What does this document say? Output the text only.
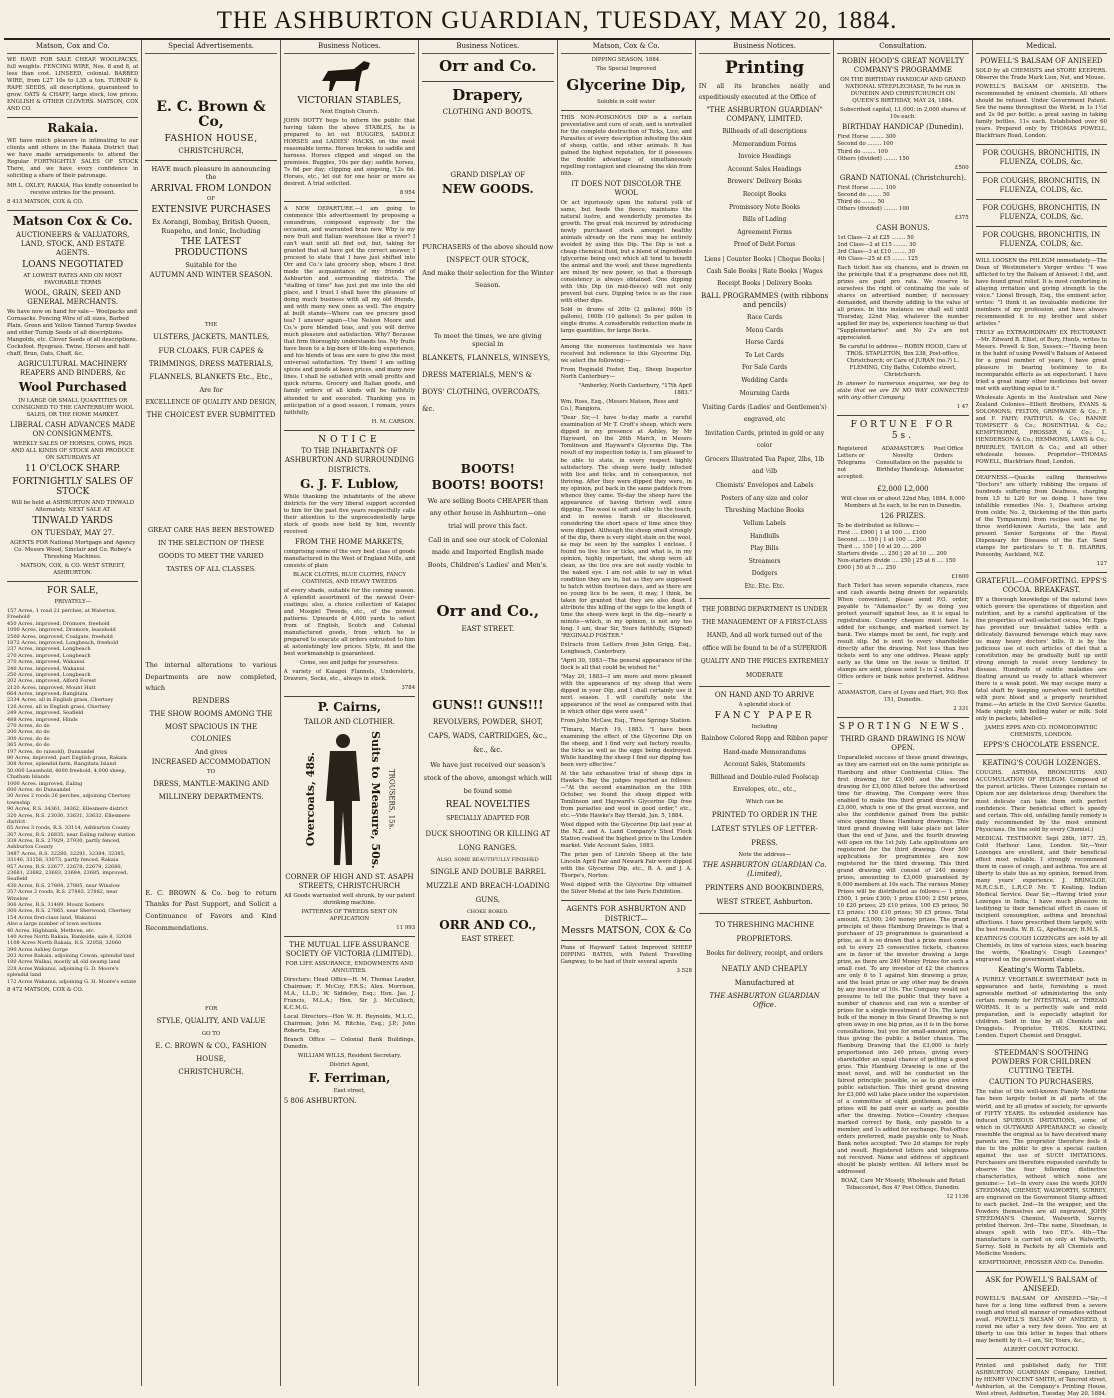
THE ASHBURTON GUARDIAN, TUESDAY, MAY 20, 1884.
Matson, Cox and Co.

WE HAVE FOR SALE CHEAP. WOOLPACKS, full weights. FENCING WIRE, Nos. 8 and 8, at less than cost. LINSEED, colonial. BARBED WIRE, from L27 10s to L35 a ton. TURNIP & RAPE SEEDS, all descriptions, guaranteed to grow. OATS & CHAFF, large stock, low prices. ENGLISH & OTHER CLOVERS. MATSON, COX AND CO.

Rakaia.

WE have much pleasure in intimating to our clients and others in the Rakaia District that we have made arrangements to attend the Regular FORTNIGHTLY SALES OF STOCK There, and we have every confidence in soliciting a share of their patronage.

MR L. OXLEY, RAKAIA, Has kindly consented to receive entries for the present.

8 413 MATSON, COX & CO.

Matson Cox & Co.
AUCTIONEERS & VALUATORS, LAND, STOCK, AND ESTATE AGENTS.
LOANS NEGOTIATED
AT LOWEST RATES AND ON MOST FAVORABLE TERMS
WOOL, GRAIN, SEED AND GENERAL MERCHANTS.

We have now on hand for sale— Woolpacks and Cornsacks. Fencing Wire of all sizes, Barbed Plain. Green and Yellow Tanned Turnip Swedes and other Turnip Seeds of all descriptions. Mangolds, etc. Clover Seeds of all descriptions. Cocksfoot. Ryegrass. Twine, Horses and half-chaff, Bran, Oats, Chaff, &c.

AGRICULTURAL MACHINERY REAPERS AND BINDERS, &c
Wool Purchased
IN LARGE OR SMALL QUANTITIES OR CONSIGNED TO THE CANTERBURY WOOL SALES, OR THE HOME MARKET.
LIBERAL CASH ADVANCES MADE ON CONSIGNMENTS.
WEEKLY SALES OF HORSES, COWS, PIGS AND ALL KINDS OF STOCK AND PRODUCE ON SATURDAYS AT
11 O'CLOCK SHARP.
FORTNIGHTLY SALES OF STOCK
Will be held at ASHBURTON AND TINWALD Alternately. NEXT SALE AT
TINWALD YARDS
ON TUESDAY, MAY 27.

AGENTS FOR National Mortgage and Agency Co. Messrs Wood, Sinclair and Co. Robey's Threshing Machines.

MATSON, COX, & CO. WEST STREET, ASHBURTON.

FOR SALE,
PRIVATELY—

157 Acres, 1 road 21 perches, at Waterton, Freehold
450 Acres, improved, Dromore, freehold
1000 Acres, improved, Dromore, leasehold
2500 Acres, improved, Coalgate, freehold
1872 Acres, improved, Longbeach, freehold
237 Acres, improved, Longbeach
270 Acres, improved, Longbeach
370 Acres, improved, Wakanui
240 Acres, improved, Wakanui
250 Acres, improved, Longbeach
202 Acres, improved, Alford Forest
2120 Acres, improved, Mount Hutt
664 Acres, improved, Rangitata
2334 Acres, all in English grass, Chertsey
126 Acres, all in English grass, Chertsey
249 Acres, improved, Seafield
488 Acres, improved, Hinds
270 Acres, do do
200 Acres, do do
300 Acres, do do
365 Acres, do do
197 Acres, do (unsold), Dunsandel
80 Acres, improved, part English grass, Rakaia
308 Acres, splendid farm, Rangitata Island
50,000 Leasehold, 4000 freehold, 4,000 sheep, Chatham Islands
1000 Acres, improved, Ealing
600 Acres, do Dunsandel
30 Acres 2 roods 26 perches, adjoining Chertsey township
90 Acres, R.S. 34361, 34362, Ellesmere district
320 Acres, R.S. 23030, 33631, 33632, Ellesmere district
65 Acres 3 roods, R.S. 33114, Ashburton County
307 Acres, R.S. 26835, near Ealing railway station
338 Acres, R.S. 27929, 27930, partly fenced, Ashburton County
3487 Acres, R.S. 32280, 32291, 32384, 32385, 33146, 33158, 33073, partly fenced, Rakaia
957 Acres, R.S. 22677, 22678, 22679, 22680, 23681, 23682, 23683, 23684, 23685, improved, Seafield
430 Acres, R.S. 27884, 27885, near Winslow
357 Acres 2 roods, R.S. 27883, 27882, near Winslow
306 Acres, R.S. 31489, Mount Somers
300 Acres, R.S. 27865, near Sherwood, Chertsey
154 Acres first-class land, Wakanui
Also a large number of town sections
40 Acres, Highbank, Methven, etc.
140 Acres North Rakaia, Bankside, sale 8, 32036
1108 Acres North Rakaia, R.S. 32058, 32060
390 Acres Ashley Gorge
203 Acres Rakaia, adjoining Cowan, splendid land
180 Acres Walkai, mostly all old swamp land
228 Acres Wakanui, adjoining G. D. Moore's splendid land
172 Acres Wakanui, adjoining G. H. Moore's estate

8 472 MATSON, COX & CO.

Special Advertisements.
E. C. Brown & Co,
FASHION HOUSE,
CHRISTCHURCH,

HAVE much pleasure in announcing the

ARRIVAL FROM LONDON
OF
EXTENSIVE PURCHASES

Ex Aorangi, Bombay, British Queen, Ruapehu, and Ionic, Including

THE LATEST PRODUCTIONS
Suitable for the
AUTUMN AND WINTER SEASON.
THE

ULSTERS, JACKETS, MANTLES, FUR CLOAKS, FUR CAPES & TRIMMINGS, DRESS MATERIALS, FLANNELS, BLANKETS Etc., Etc.,

Are for

EXCELLENCE OF QUALITY AND DESIGN,

THE CHOICEST EVER SUBMITTED

GREAT CARE HAS BEEN BESTOWED IN THE SELECTION OF THESE GOODS TO MEET THE VARIED TASTES OF ALL CLASSES.

The internal alterations to various Departments are now completed, which

RENDERS

THE SHOW ROOMS AMONG THE MOST SPACIOUS IN THE COLONIES

And gives
INCREASED ACCOMMODATION
TO

DRESS, MANTLE-MAKING AND MILLINERY DEPARTMENTS.

E. C. BROWN & Co. beg to return Thanks for Past Support, and Solicit a Continuance of Favors and Kind Recommendations.

FOR

STYLE, QUALITY, AND VALUE

GO TO

E. C. BROWN & CO., FASHION HOUSE,

CHRISTCHURCH.
Business Notices.
VICTORIAN STABLES,
Next English Church.

JOHN DOTTY begs to inform the public that having taken the above STABLES, he is prepared to let out BUGGIES, SADDLE HORSES and LADIES' HACKS, on the most reasonable terms. Horses broken to saddle and harness. Horses clipped and singed on the premises. Buggies, 10s per day; saddle horses, 7s 6d per day; clipping and singeing, 12s 6d. Horses, etc., let out for one hour or more as desired. A trial solicited.

8 954

A NEW DEPARTURE.—I am going to commence this advertisement by proposing a conundrum, composed expressly for the occasion, and warranted bran new. Why is my new fruit and Italian warehouse like a river? I can't wait until all find out, but, taking for granted that all have got the correct answer, I proceed to state that I have just shifted into Orr and Co.'s late grocery shop, where I first made the acquaintance of my friends of Ashburton and surrounding districts. The "stalling of time" has just put me into the old place, and I trust I shall have the pleasure of doing much business with all my old friends, and with many new ones as well. The enquiry at built stands—Where can we procure good tea? I answer again—Use Nelson Moore and Co.'s pure blended teas, and you will derive much pleasure and satisfaction. Why? Because that firm thoroughly understands tea. My fruits have been to a big-bore of life-long experience, and his blends of teas are sure to give the most universal satisfaction. Try them! I am selling spices and goods at keen prices, and many new lines. I shall be satisfied with small profits and quick returns. Grocery and Italian goods, and family orders of all kinds will be faithfully attended to and executed. Thanking you in anticipation of a good season, I remain, yours faithfully,

H. M. CARSON.

NOTICE
TO THE INHABITANTS OF ASHBURTON AND SURROUNDING DISTRICTS.
G. J. F. Lublow,

While thanking the inhabitants of the above districts for the very liberal support accorded to him for the past five years respectfully calls their attention to the unprecedentedly large stock of goods now held by him, recently received

FROM THE HOME MARKETS,

comprising some of the very best class of goods manufactured in the West of England Mills, and consists of plain

BLACK CLOTHS, BLUE CLOTHS, FANCY COATINGS, AND HEAVY TWEEDS

of every shade, suitable for the coming season. A splendid assortment of the newest Over-coatings; also, a choice collection of Kaiapoi and Mosgiel Tweeds, etc., of the newest patterns. Upwards of 4,000 yards to select from of English, Scotch and Colonial manufactured goods, from which he is prepared to execute all orders entrusted to him at astonishingly low prices. Style, fit and the best workmanship is guaranteed.

Come, see and judge for yourselves.

A variety of Kaiapoi Flannels, Undershirts, Drawers, Socks, etc., always in stock.

3784

P. Cairns,
TAILOR AND CLOTHIER.
Overcoats, 48s.	Suits to Measure, 50s. TROUSERS, 15s.

CORNER OF HIGH AND ST. ASAPH STREETS, CHRISTCHURCH

All Goods warranted well shrunk, by our patent shrinking machine.

PATTERNS OF TWEEDS SENT ON APPLICATION

11 993

THE MUTUAL LIFE ASSURANCE SOCIETY OF VICTORIA (LIMITED).

FOR LIFE ASSURANCE, ENDOWMENTS AND ANNUITIES.

Directors: Head Office—H. M. Thomas Leader, Chairman; F. McCoy, F.R.S.; Alex. Morrison, M.A., LL.D.; W. Siddeley, Esq.; Hon. Jas. J. Francis, M.L.A.; Hon. Sir J. McCulloch, K.C.M.G.

Local Directors—Hon W. H. Reynolds, M.L.C., Chairman; John M. Ritchie, Esq.; J.P.; John Roberts, Esq.

Branch Office — Colonial Bank Buildings, Dunedin.

WILLIAM WILLS, Resident Secretary.

District Agent,

F. Ferriman,

East street,

5 806 ASHBURTON.

Business Notices.
Orr and Co.
Drapery,
CLOTHING AND BOOTS.
GRAND DISPLAY OF
NEW GOODS.

PURCHASERS of the above should now

INSPECT OUR STOCK,

And make their selection for the Winter Season.

To meet the times, we are giving special in

BLANKETS, FLANNELS, WINSEYS, DRESS MATERIALS, MEN'S & BOYS' CLOTHING, OVERCOATS, &c.

BOOTS!
BOOTS! BOOTS!

We are selling Boots CHEAPER than any other house in Ashburton—one trial will prove this fact.

Call in and see our stock of Colonial made and Imported English made Boots, Children's Ladies' and Men's.

Orr and Co.,
EAST STREET.
GUNS!! GUNS!!!

REVOLVERS, POWDER, SHOT, CAPS, WADS, CARTRIDGES, &c., &c., &c.

We have just received our season's stock of the above, amongst which will be found some

REAL NOVELTIES

SPECIALLY ADAPTED FOR

DUCK SHOOTING OR KILLING AT LONG RANGES.

ALSO, SOME BEAUTIFULLY FINISHED

SINGLE AND DOUBLE BARREL MUZZLE AND BREACH-LOADING GUNS,

CHOKE BORED.
ORR AND CO.,
EAST STREET.
Matson, Cox & Co.

DIPPING SEASON, 1884.

The Special Improved

Glycerine Dip,

Soluble in cold water

THIS NON-POISONOUS DIP is a certain preventative and cure of scab, and is unrivalled for the complete destruction of Ticks, Lice, and Parasites of every description infesting the skin of sheep, cattle, and other animals. It has gained the highest reputation, for it possesses the double advantage of simultaneously repelling contagion and cleansing the skin from filth.

IT DOES NOT DISCOLOR THE WOOL

Or act injuriously upon the natural yolk of same, but feeds the fleece, maintains the natural lustre, and wonderfully promotes its growth. The great risk incurred by introducing newly purchased stock amongst healthy animals already on the runs may be entirely avoided by using this Dip. The Dip is not a cheap chemical fluid, but a blend of ingredients (glycerine being one) which all tend to benefit the animal and the wool; and these ingredients are mixed by new power, so that a thorough consistency is always obtained. One dipping with this Dip (in mid-fleece) will not only prevent but cure. Dipping twice is as the case with other dips.

Sold in drums of 20lb (2 gallons) 80lb (5 gallons), 160lb (10 gallons); 5s per gallon in single drums. A considerable reduction made in large quantities, for large flocks.

Among the numerous testimonials we have received but reference to this Glycerine Dip, we select the following:—

From Reginald Foster, Esq., Sheep Inspector North Canterbury—

"Amberley, North Canterbury, "17th April 1883."

Wm. Ross, Esq., (Messrs Matson, Ross and Co.), Rangiora.

"Dear Sir,—I have to-day made a careful examination of Mr T. Croft's sheep, which were dipped in my presence at Ashley, by Mr Hayward, on the 26th March, in Messrs Tomlinson and Hayward's Glycerine Dip. The result of my inspection today is, I am pleased to be able to state, in every respect highly satisfactory. The sheep were badly infected with lice and ticks, and in consequence, not thriving. After they were dipped they were, in my opinion, put back in the same paddock from whence they came. To-day the sheep have the appearance of having thriven well since dipping. The wool is soft and silky to the touch, and in nowise harsh or discoloured, considering the short space of time since they were dipped. Although the sheep smell strongly of the dip, there is very slight stain on the wool, as may be seen by the samples I enclose. I found no live lice or ticks, and what is, in my opinion, highly important, the sheep were all clean, as the lice ova are not easily visible to the naked eye. I am not able to say in what condition they are in, but as they are supposed to hatch within fourteen days, and as there are no young lice to be seen, it may, I think, be taken for granted that they are also dead. I attribute this killing of the eggs to the length of time the sheep were kept in the dip—nearly a minute—which, in my opinion, is not any too long. I am, dear Sir, Yours faithfully, (Signed) "REGINALD FOSTER."

Extracts from Letters from John Grigg, Esq., Longbeach, Canterbury.

"April 30, 1883—The general appearance of the flock is all that could be wished for."

"May 20, 1883—I am more and more pleased with the appearance of my sheep that were dipped in your Dip, and I shall certainly use it next season. I will carefully note the appearance of the wool as compared with that in which other dips were used."

From John McCaw, Esq., Three Springs Station.

"Timaru, March 19, 1883. "I have been examining the effect of the Glycerine Dip on the sheep, and I find very sad factory results, the ticks as well as the eggs being destroyed. While handling the sheep I find our dipping has been very effective."

At the late exhaustive trial of sheep dips in Hawke's Bay the judges reported as follows:—"At the second examination on the 18th October, we found the sheep dipped with Tomlinson and Hayward's Glycerine Dip free from parasites and wool in good order," etc., etc.—Vide Hawke's Bay Herald, Jan. 5, 1884.

Wool dipped with the Glycerine Dip last year at the N.Z. and A. Land Company's Steel Flock Station realised the highest price in the London market. Vide Account Sales, 1883.

The prize pen of Lincoln Sheep at the late Lincoln April Fair and Newark Fair were dipped with the Glycerine Dip, etc., B. A. and J. A. Thorpe's, Norton.

Wool dipped with the Glycerine Dip obtained the Silver Medal at the late Paris Exhibition.

AGENTS FOR ASHBURTON AND DISTRICT—

Messrs MATSON, COX & Co

Plans of Hayward' Latest Improved SHEEP DIPPING BATHS, with Patent Travelling Gangway, to be had of their several agents

3 528

Business Notices.
Printing

IN all its branches neatly and expeditiously executed at the Office of

"THE ASHBURTON GUARDIAN" COMPANY, LIMITED.

Billheads of all descriptions
Memorandum Forms
Invoice Headings
Account Sales Headings
Brewers' Delivery Books
Receipt Books
Promissory Note Books
Bills of Lading
Agreement Forms
Proof of Debt Forms

Liens | Counter Books | Cheque Books | Cash Sale Books | Rate Books | Wages Receipt Books | Delivery Books

BALL PROGRAMMES (with ribbons and pencils)

Race Cards
Menu Cards
Horse Cards
To Let Cards
For Sale Cards
Wedding Cards
Mourning Cards

Visiting Cards (Ladies' and Gentlemen's) engraved, etc

Invitation Cards, printed in gold or any color

Grocers Illustrated Tea Paper, 2lbs, 1lb and ½lb

Chemists' Envelopes and Labels
Posters of any size and color
Threshing Machine Books
Vellum Labels
Handbills
Play Bills
Streamers
Dodgers
Etc. Etc. Etc.

THE JOBBING DEPARTMENT IS UNDER THE MANAGEMENT OF A FIRST-CLASS HAND, And all work turned out of the office will be found to be of a SUPERIOR QUALITY AND THE PRICES EXTREMELY MODERATE

ON HAND AND TO ARRIVE

A splendid stock of

FANCY PAPER

Including

Rainbow Colored Repp and Ribbon paper

Hand-made Memorandums
Account Sales, Statements
Billhead and Double-ruled Foolscap
Envelopes, etc., etc.,

Which can be

PRINTED TO ORDER IN THE LATEST STYLES OF LETTER-PRESS.

Note the address—

THE ASHBURTON GUARDIAN Co. (Limited),

PRINTERS AND BOOKBINDERS, WEST STREET, Ashburton.

TO THRESHING MACHINE PROPRIETORS.

Books for delivery, receipt, and orders

NEATLY AND CHEAPLY Manufactured at

THE ASHBURTON GUARDIAN Office.

Consultation.

ROBIN HOOD'S GREAT NOVELTY COMPANY'S PROGRAMME

ON THE BIRTHDAY HANDICAP AND GRAND NATIONAL STEEPLECHASE, To be run in DUNEDIN AND CHRISTCHURCH ON QUEEN'S BIRTHDAY, MAY 24, 1884.

Subscribed capital, L1,000; in 2,000 shares of 10s each.

BIRTHDAY HANDICAP (Dunedin).

First Horse ........ 300
Second do ........ 100
Third do ........ 100
Others (divided) ........ 150

£500

GRAND NATIONAL (Christchurch).

First Horse ........ 100
Second do ........ 50
Third do ........ 50
Others (divided) ........ 100

£375

CASH BONUS.

1st Class—2 at £25 ........ 50
2nd Class—2 at £15 ........ 30
3rd Class—3 at £10 ........ 30
4th Class—25 at £5 ........ 125

Each ticket has six chances, and is drawn on the principle that if a programme does not fill, prizes are paid pro rata. We reserve to ourselves the right of continuing the sale of shares on advertised number, if necessary demanded, and thereby adding to the value of all prizes. In this instance we shall sell until Thursday, 22nd May, whatever the number applied for may be, experience teaching us that "Supplementaries" and No 2's are not appreciated.

Be careful to address— ROBIN HOOD, Care of TROS. STAPLETON, Box 238, Post-office, Christchurch; or Care of JURAN (no.?) L. FLEMING, City Baths, Colombo street, Christchurch.

In answer to numerous enquiries, we beg to state that we are IN NO WAY CONNECTED with any other Company.

1 47

FORTUNE FOR 5s.

Registered Letters or Telegrams not accepted.

ADAMASTOR'S Novelty Consultation on the Birthday Handicap.

Post Office Orders payable to Adamastor.

£2,000 L2,000

Will close on or about 22nd May, 1884. 8,000 Members at 5s each, to be run in Dunedin.

126 PRIZES.

To be distributed as follows:—
First .... £900 | 1 at 100 .... £100
Second .... 150 | 1 at 100 .... 200
Third .... 150 | 10 at 20 .... 200
Starters divide .... 250 | 20 at 10 .... 200
Non-starters divide .... 250 | 25 at 6 .... 150
£900 | 50 at 5 .... 250

£1600

Each Ticket has seven separate chances, race and cash awards being drawn for separately. When convenient, please send P.O. order, payable to "Adamastor." By so doing you protect yourself against loss, as it is equal to registration. Country cheques must have 1s added for exchange, and marked correct by bank. Two stamps must be sent, for reply and result slip. 5d is sent to every shareholder directly after the drawing. Not less than two tickets sent to any one address. Please apply early as the time on the issue is limited. If stamps are sent, please send 1s in 2 extra. Post Office orders or bank notes preferred. Address—

ADAMASTOR, Care of Lyons and Hart, P.O. Box 151, Dunedin.

2 331

SPORTING NEWS.

THIRD GRAND DRAWING IS NOW OPEN.

Unparalleled success of these grand drawings, as they are carried out on the same principle as Hamburg and other Continental Cities. The first drawing for £3,000 and the second drawing for £3,000 filled before the advertised time for drawing. The Company were thus enabled to make this third grand drawing for £3,000, which is one of the great success, and also the confidence gained from the public since opening these Hamburg drawings. This third grand drawing will take place not later than the end of June, and the fourth drawing will open on the 1st July. Late applications are registered for the third drawing. Over 500 applications for programmes are now registered for the third drawing. This third grand drawing will consist of 240 money prizes, amounting to £3,000 guaranteed by 6,000 members at 10s each. The various Money Prizes will be distributed as follows:— 1 prize £500, 1 prize £300; 1 prize £100; 2 £50 prizes, 10 £20 prizes; 25 £10 prizes, 100 £5 prizes, 50 £3 prizes; 150 £10 prizes; 50 £5 prizes. Total amount, £3,000; 240 money prizes. The grand principle of these Hamburg Drawings is that a purchaser of 25 programmes is guaranteed a prize, as it is so drawn that a prize must come out to every 25 consecutive tickets, chances are in favor of the investor drawing a large prize, as there are 240 Money Prizes for such a small cost. To any investor of £2 the chances are only 6 to 1 against him drawing a prize, and the least prize or any other may be drawn by any investor of 10s. The Company would not presume to tell the public that they have a number of chances and can win a number of prizes for a single investment of 10s. The large bulk of the money in this Grand Drawing is not given away in one big prize, as it is in the horse consultations, but you for small-amount prizes, thus giving the public a better chance. The Hamburg Drawing that the £3,000 is fairly proportioned into 240 prizes, giving every shareholder an equal chance of getting a good prize. This Hamburg Drawing is one of the most novel, and will be conducted on the fairest principle possible, so as to give entire public satisfaction. This third grand drawing for £3,000 will take place under the supervision of a committee of eight gentlemen, and the prizes will be paid over as early as possible after the drawing. Notice—Country cheques marked correct by Bank, only payable to a member, and 1s added for exchange. Post-office orders preferred, made payable only to Noah. Bank notes accepted. Two 2d stamps for reply and result. Registered letters and telegrams not received. Name and address of applicant should be plainly written. All letters must be addressed

BOAZ, Care Mr Mosely, Wholesale and Retail Tobacconist, Box 4? Post Office, Dunedin.

12 1136

Medical.

POWELL'S BALSAM OF ANISEED

SOLD by all CHEMISTS and STORE KEEPERS. Observe the Trade Mark Lion, Net, and Mouse.

POWELL'S BALSAM OF ANISEED. The recommended by eminent chemists. All others should be refused. Under Government Patent. See the name throughout the World, in 1s 1½d and 2s 9d per bottle; a great saving in taking family bottles, 11s each. Established over 60 years. Prepared only by THOMAS POWELL, Blackfriars Road, London.

FOR COUGHS, BRONCHITIS, IN FLUENZA, COLDS, &c.

FOR COUGHS, BRONCHITIS, IN FLUENZA, COLDS, &c.

FOR COUGHS, BRONCHITIS, IN FLUENZA, COLDS, &c.

FOR COUGHS, BRONCHITIS, IN FLUENZA, COLDS, &c.

WILL LOOSEN the PHLEGM immediately.—The Dean of Westminster's Verger writes: "I was afflicted to try the Balsam of Aniseed; I did, and have found great relief. It is most comforting in allaying irritation and giving strength to the voice." Lionel Brough, Esq., the eminent actor, writes: "I think it an invaluable medicine for members of my profession, and have always recommended it to my brother and sister artistes."

TRULY an EXTRAORDINARY EX PECTORANT.—Mr. Edward B. Ellist, of Bury, Hunts, writes to Messrs. Powell & Son, Sussex:—"Having been in the habit of using Powell's Balsam of Aniseed for a great number of years, I have great pleasure in bearing testimony to its incomparable effects as an expectorant. I have tried a great many other medicines but never met with anything equal to it."

Wholesale Agents in the Australian and New Zealand Colonies—Elliott Brothers, EVANS & SOLOMONS; FELTON, GRIMWADE & Co.; F. and F. FAHY; FAITHFUL & Co.; RANNE TOMPSETT & Co.; ROSENTHAL & Co.; KEMPTHORNE, PROSSER & Co.; L. HENDERSON & Co.; HEMMONS, LAWS & Co.; BRIERLEY, TAYLOR & Co.; and all other wholesale houses. Proprietor—THOMAS POWELL, Blackfriars Road, London.

DEAFNESS.—Quacks calling themselves "Doctors" are utterly robbing the organs of hundreds suffering from Deafness, charging from L5 to L20 for so doing. I have two infallible remedies (No. 1, Deafness arising from colds; No. 2, thickening of the thin parts of the Tympanum) from recipes sent me by three world-known Aurists, the late and present Senior Surgeons of the Royal Dispensary for Diseases of the Ear. Send stamps for particulars to T. B. HLARRIS, Ponsonby, Auckland, N.Z.

127

GRATEFUL—COMFORTING. EPPS'S COCOA. BREAKFAST.

BY a thorough knowledge of the natural laws which govern the operations of digestion and nutrition, and by a careful application of the fine properties of well-selected cocoa, Mr. Epps has provided our breakfast tables with a delicately flavoured beverage which may save us many heavy doctors' bills. It is by the judicious use of such articles of diet that a constitution may be gradually built up until strong enough to resist every tendency to disease. Hundreds of subtle maladies are floating around us ready to attack wherever there is a weak point. We may escape many a fatal shaft by keeping ourselves well fortified with pure blood and a properly nourished frame.—An article in the Civil Service Gazette. Made simply with boiling water or milk. Sold only in packets, labelled—

JAMES EPPS AND CO. HOMOEOPATHIC CHEMISTS, LONDON.

EPPS'S CHOCOLATE ESSENCE.

KEATING'S COUGH LOZENGES.

COUGHS, ASTHMA, BRONCHITIS AND ACCUMULATION OF PHLEGM. Composed of the purest articles. These Lozenges contain no Opium nor any deleterious drug; therefore the most delicate can take them with perfect confidence. Their beneficial effect is speedy and certain. This old, unfailing family remedy is daily recommended by the most eminent Physicians. (In tins sold by every Chemist.)

MEDICAL TESTIMONY. Sept 28th, 1877. 25, Cold Harbour Lane, London. Sir,—Your Lozenges are excellent, and their beneficial effect most reliable. I strongly recommend them in cases of cough, and asthma. You are at liberty to state this as my opinion, formed from many years' experience. J. BRINGLOE, M.R.C.S.E., L.R.C.P. Mr. T. Keating. Indian Medical Service. Dear Sir,—Having tried your Lozenges in India, I have much pleasure in testifying to their beneficial effect in cases of incipient consumption, asthma and bronchial affections. I have prescribed them largely, with the best results. W. B. G., Apothecary, H.M.S.

KEATING'S COUGH LOZENGES are sold by all Chemists, in tins of various sizes, each bearing the words, "Keating's Cough Lozenges" engraved on the government stamp.

Keating's Worm Tablets.

A PURELY VEGETABLE SWEETMEAT both in appearance and taste, furnishing a most agreeable method of administering the only certain remedy for INTESTINAL or THREAD WORMS. It is a perfectly safe and mild preparation, and is especially adapted for children. Sold in tins by all Chemists and Druggists. Proprietor, THOS. KEATING, London. Export Chemist and Druggist.

STEEDMAN'S SOOTHING POWDERS FOR CHILDREN CUTTING TEETH.

CAUTION TO PURCHASERS.

The value of this well-known Family Medicine has been largely tested in all parts of the world, and by all grades of society, for upwards of FIFTY YEARS. Its extended existence has induced SPURIOUS IMITATIONS, some of which in OUTWARD APPEARANCE so closely resemble the original as to have deceived many parents are. The proprietor therefore feels it due to the public to give a special caution against the use of SUCH IMITATIONS. Purchasers are therefore requested carefully to observe the four following distinctive characteristics, without which none are genuine:— 1st—In every case the words JOHN STEEDMAN, CHEMIST, WALWORTH, SURREY, are engraved on the Government Stamp affixed to each packet. 2nd—In the wrapper, and the Powders themselves are all engraved, JOHN STEEDMAN'S Chemist, Walworth, Surrey, printed thereon. 3rd—The name, Steedman, is always spelt with two EE's. 4th—The manufacture is carried on only at Walworth, Surrey. Sold in Packets by all Chemists and Medicine Vendors.

KEMPTHORNE, PROSSER AND Co. Dunedin.

ASK for POWELL'S BALSAM of ANISEED.

POWELL'S BALSAM OF ANISEED.—"Sir,—I have for a long time suffered from a severe cough and tried all manner of remedies without avail. POWELL'S BALSAM OF ANISEED, it cured me after a very few doses. You are at liberty to use this letter in hopes that others may benefit by it.—I am, Sir, Yours, &c.,

ALBERT COUNT POTOCKI.

Printed and published daily, for THE ASHBURTON GUARDIAN Company, Limited, by HENRY VINCENT SMITH, of Tancred street, Ashburton, at the Company's Printing House, West street, Ashburton, Tuesday, May 20, 1884.
